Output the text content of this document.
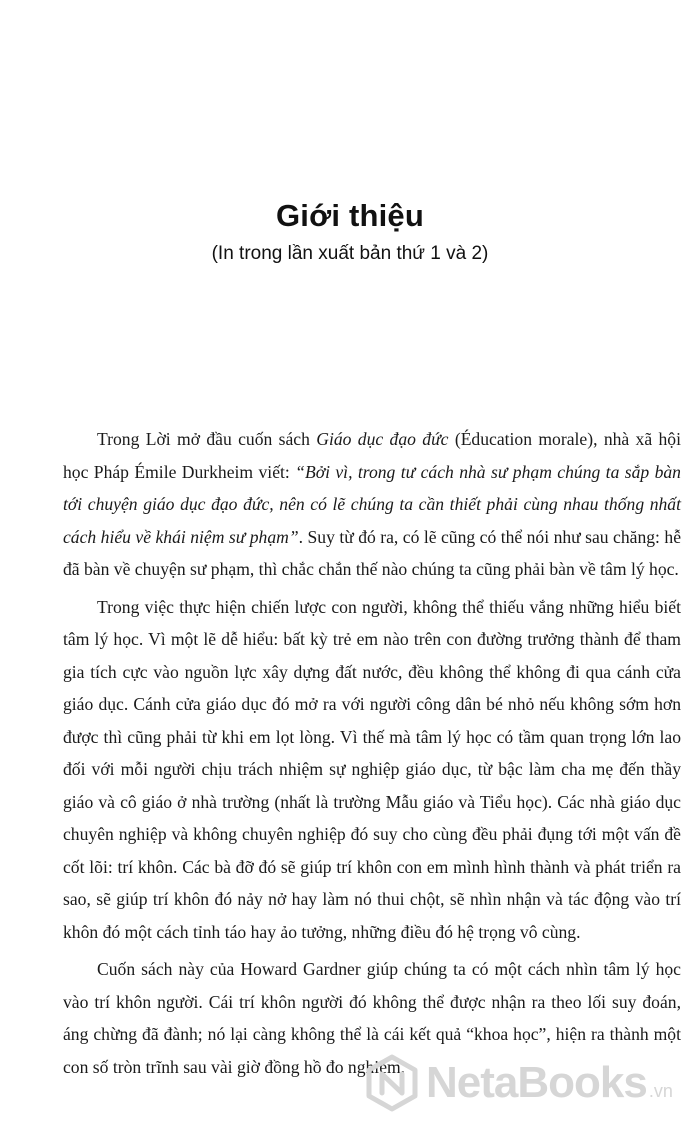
Giới thiệu
(In trong lần xuất bản thứ 1 và 2)

Trong Lời mở đầu cuốn sách Giáo dục đạo đức (Éducation morale), nhà xã hội học Pháp Émile Durkheim viết: “Bởi vì, trong tư cách nhà sư phạm chúng ta sắp bàn tới chuyện giáo dục đạo đức, nên có lẽ chúng ta cần thiết phải cùng nhau thống nhất cách hiểu về khái niệm sư phạm”. Suy từ đó ra, có lẽ cũng có thể nói như sau chăng: hễ đã bàn về chuyện sư phạm, thì chắc chắn thế nào chúng ta cũng phải bàn về tâm lý học.

Trong việc thực hiện chiến lược con người, không thể thiếu vắng những hiểu biết tâm lý học. Vì một lẽ dễ hiểu: bất kỳ trẻ em nào trên con đường trưởng thành để tham gia tích cực vào nguồn lực xây dựng đất nước, đều không thể không đi qua cánh cửa giáo dục. Cánh cửa giáo dục đó mở ra với người công dân bé nhỏ nếu không sớm hơn được thì cũng phải từ khi em lọt lòng. Vì thế mà tâm lý học có tầm quan trọng lớn lao đối với mỗi người chịu trách nhiệm sự nghiệp giáo dục, từ bậc làm cha mẹ đến thầy giáo và cô giáo ở nhà trường (nhất là trường Mẫu giáo và Tiểu học). Các nhà giáo dục chuyên nghiệp và không chuyên nghiệp đó suy cho cùng đều phải đụng tới một vấn đề cốt lõi: trí khôn. Các bà đỡ đó sẽ giúp trí khôn con em mình hình thành và phát triển ra sao, sẽ giúp trí khôn đó nảy nở hay làm nó thui chột, sẽ nhìn nhận và tác động vào trí khôn đó một cách tỉnh táo hay ảo tưởng, những điều đó hệ trọng vô cùng.

Cuốn sách này của Howard Gardner giúp chúng ta có một cách nhìn tâm lý học vào trí khôn người. Cái trí khôn người đó không thể được nhận ra theo lối suy đoán, áng chừng đã đành; nó lại càng không thể là cái kết quả “khoa học”, hiện ra thành một con số tròn trĩnh sau vài giờ đồng hồ đo nghiệm, NetaBooks .vn
